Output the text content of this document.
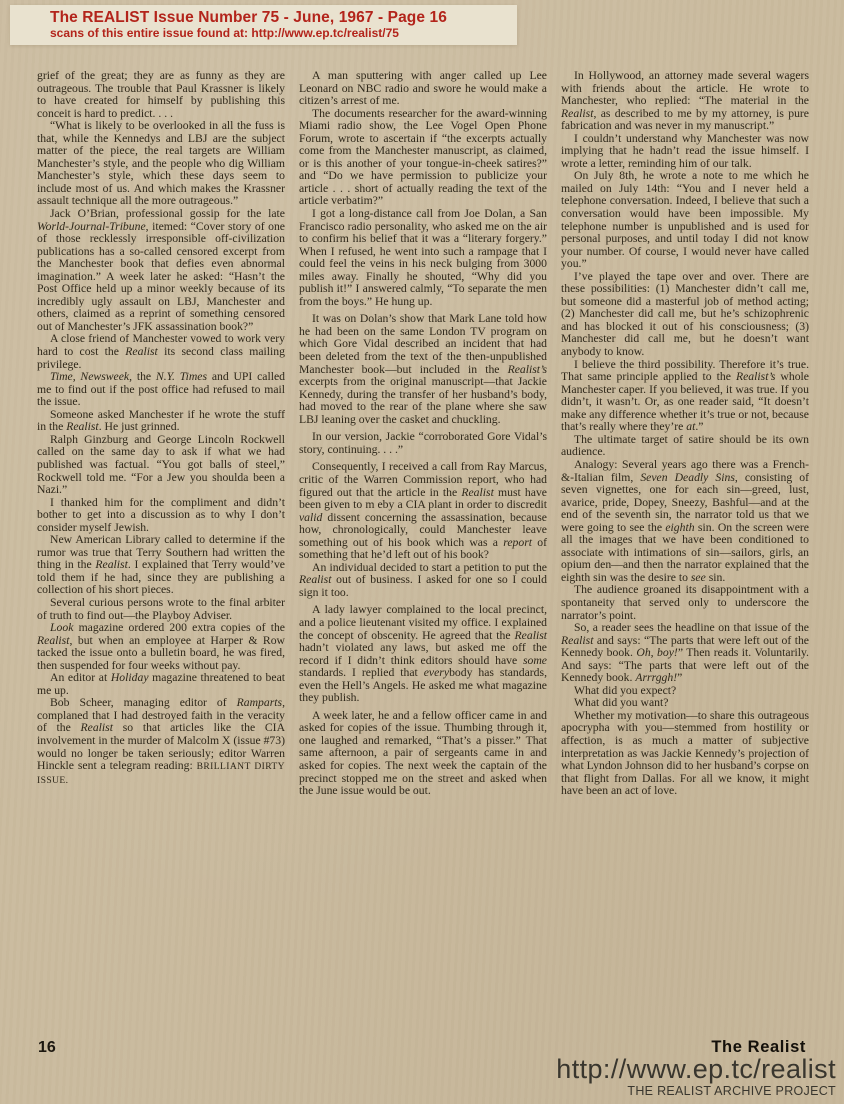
The REALIST Issue Number 75 - June, 1967 - Page 16
scans of this entire issue found at: http://www.ep.tc/realist/75

grief of the great; they are as funny as they are outrageous. The trouble that Paul Krassner is likely to have created for himself by publishing this conceit is hard to predict. . . .

“What is likely to be overlooked in all the fuss is that, while the Kennedys and LBJ are the subject matter of the piece, the real targets are William Manchester’s style, and the people who dig William Manchester’s style, which these days seem to include most of us. And which makes the Krassner assault technique all the more outrageous.”

Jack O’Brian, professional gossip for the late World-Journal-Tribune, itemed: “Cover story of one of those recklessly irresponsible off-civilization publications has a so-called censored excerpt from the Manchester book that defies even abnormal imagination.” A week later he asked: “Hasn’t the Post Office held up a minor weekly because of its incredibly ugly assault on LBJ, Manchester and others, claimed as a reprint of something censored out of Manchester’s JFK assassination book?”

A close friend of Manchester vowed to work very hard to cost the Realist its second class mailing privilege.

Time, Newsweek, the N.Y. Times and UPI called me to find out if the post office had refused to mail the issue.

Someone asked Manchester if he wrote the stuff in the Realist. He just grinned.

Ralph Ginzburg and George Lincoln Rockwell called on the same day to ask if what we had published was factual. “You got balls of steel,” Rockwell told me. “For a Jew you shoulda been a Nazi.”

I thanked him for the compliment and didn’t bother to get into a discussion as to why I don’t consider myself Jewish.

New American Library called to determine if the rumor was true that Terry Southern had written the thing in the Realist. I explained that Terry would’ve told them if he had, since they are publishing a collection of his short pieces.

Several curious persons wrote to the final arbiter of truth to find out—the Playboy Adviser.

Look magazine ordered 200 extra copies of the Realist, but when an employee at Harper & Row tacked the issue onto a bulletin board, he was fired, then suspended for four weeks without pay.

An editor at Holiday magazine threatened to beat me up.

Bob Scheer, managing editor of Ramparts, complaned that I had destroyed faith in the veracity of the Realist so that articles like the CIA involvement in the murder of Malcolm X (issue #73) would no longer be taken seriously; editor Warren Hinckle sent a telegram reading: BRILLIANT DIRTY ISSUE.

A man sputtering with anger called up Lee Leonard on NBC radio and swore he would make a citizen’s arrest of me.

The documents researcher for the award-winning Miami radio show, the Lee Vogel Open Phone Forum, wrote to ascertain if “the excerpts actually come from the Manchester manuscript, as claimed, or is this another of your tongue-in-cheek satires?” and “Do we have permission to publicize your article . . . short of actually reading the text of the article verbatim?”

I got a long-distance call from Joe Dolan, a San Francisco radio personality, who asked me on the air to confirm his belief that it was a “literary forgery.” When I refused, he went into such a rampage that I could feel the veins in his neck bulging from 3000 miles away. Finally he shouted, “Why did you publish it!” I answered calmly, “To separate the men from the boys.” He hung up.

It was on Dolan’s show that Mark Lane told how he had been on the same London TV program on which Gore Vidal described an incident that had been deleted from the text of the then-unpublished Manchester book—but included in the Realist’s excerpts from the original manuscript—that Jackie Kennedy, during the transfer of her husband’s body, had moved to the rear of the plane where she saw LBJ leaning over the casket and chuckling.

In our version, Jackie “corroborated Gore Vidal’s story, continuing. . . .”

Consequently, I received a call from Ray Marcus, critic of the Warren Commission report, who had figured out that the article in the Realist must have been given to m eby a CIA plant in order to discredit valid dissent concerning the assassination, because how, chronologically, could Manchester leave something out of his book which was a report of something that he’d left out of his book?

An individual decided to start a petition to put the Realist out of business. I asked for one so I could sign it too.

A lady lawyer complained to the local precinct, and a police lieutenant visited my office. I explained the concept of obscenity. He agreed that the Realist hadn’t violated any laws, but asked me off the record if I didn’t think editors should have some standards. I replied that everybody has standards, even the Hell’s Angels. He asked me what magazine they publish.

A week later, he and a fellow officer came in and asked for copies of the issue. Thumbing through it, one laughed and remarked, “That’s a pisser.” That same afternoon, a pair of sergeants came in and asked for copies. The next week the captain of the precinct stopped me on the street and asked when the June issue would be out.

In Hollywood, an attorney made several wagers with friends about the article. He wrote to Manchester, who replied: “The material in the Realist, as described to me by my attorney, is pure fabrication and was never in my manuscript.”

I couldn’t understand why Manchester was now implying that he hadn’t read the issue himself. I wrote a letter, reminding him of our talk.

On July 8th, he wrote a note to me which he mailed on July 14th: “You and I never held a telephone conversation. Indeed, I believe that such a conversation would have been impossible. My telephone number is unpublished and is used for personal purposes, and until today I did not know your number. Of course, I would never have called you.”

I’ve played the tape over and over. There are these possibilities: (1) Manchester didn’t call me, but someone did a masterful job of method acting; (2) Manchester did call me, but he’s schizophrenic and has blocked it out of his consciousness; (3) Manchester did call me, but he doesn’t want anybody to know.

I believe the third possibility. Therefore it’s true. That same principle applied to the Realist’s whole Manchester caper. If you believed, it was true. If you didn’t, it wasn’t. Or, as one reader said, “It doesn’t make any difference whether it’s true or not, because that’s really where they’re at.”

The ultimate target of satire should be its own audience.

Analogy: Several years ago there was a French-&-Italian film, Seven Deadly Sins, consisting of seven vignettes, one for each sin—greed, lust, avarice, pride, Dopey, Sneezy, Bashful—and at the end of the seventh sin, the narrator told us that we were going to see the eighth sin. On the screen were all the images that we have been conditioned to associate with intimations of sin—sailors, girls, an opium den—and then the narrator explained that the eighth sin was the desire to see sin.

The audience groaned its disappointment with a spontaneity that served only to underscore the narrator’s point.

So, a reader sees the headline on that issue of the Realist and says: “The parts that were left out of the Kennedy book. Oh, boy!” Then reads it. Voluntarily. And says: “The parts that were left out of the Kennedy book. Arrrggh!”

What did you expect?

What did you want?

Whether my motivation—to share this outrageous apocrypha with you—stemmed from hostility or affection, is as much a matter of subjective interpretation as was Jackie Kennedy’s projection of what Lyndon Johnson did to her husband’s corpse on that flight from Dallas. For all we know, it might have been an act of love.

16	The Realist
http://www.ep.tc/realist
THE REALIST ARCHIVE PROJECT
